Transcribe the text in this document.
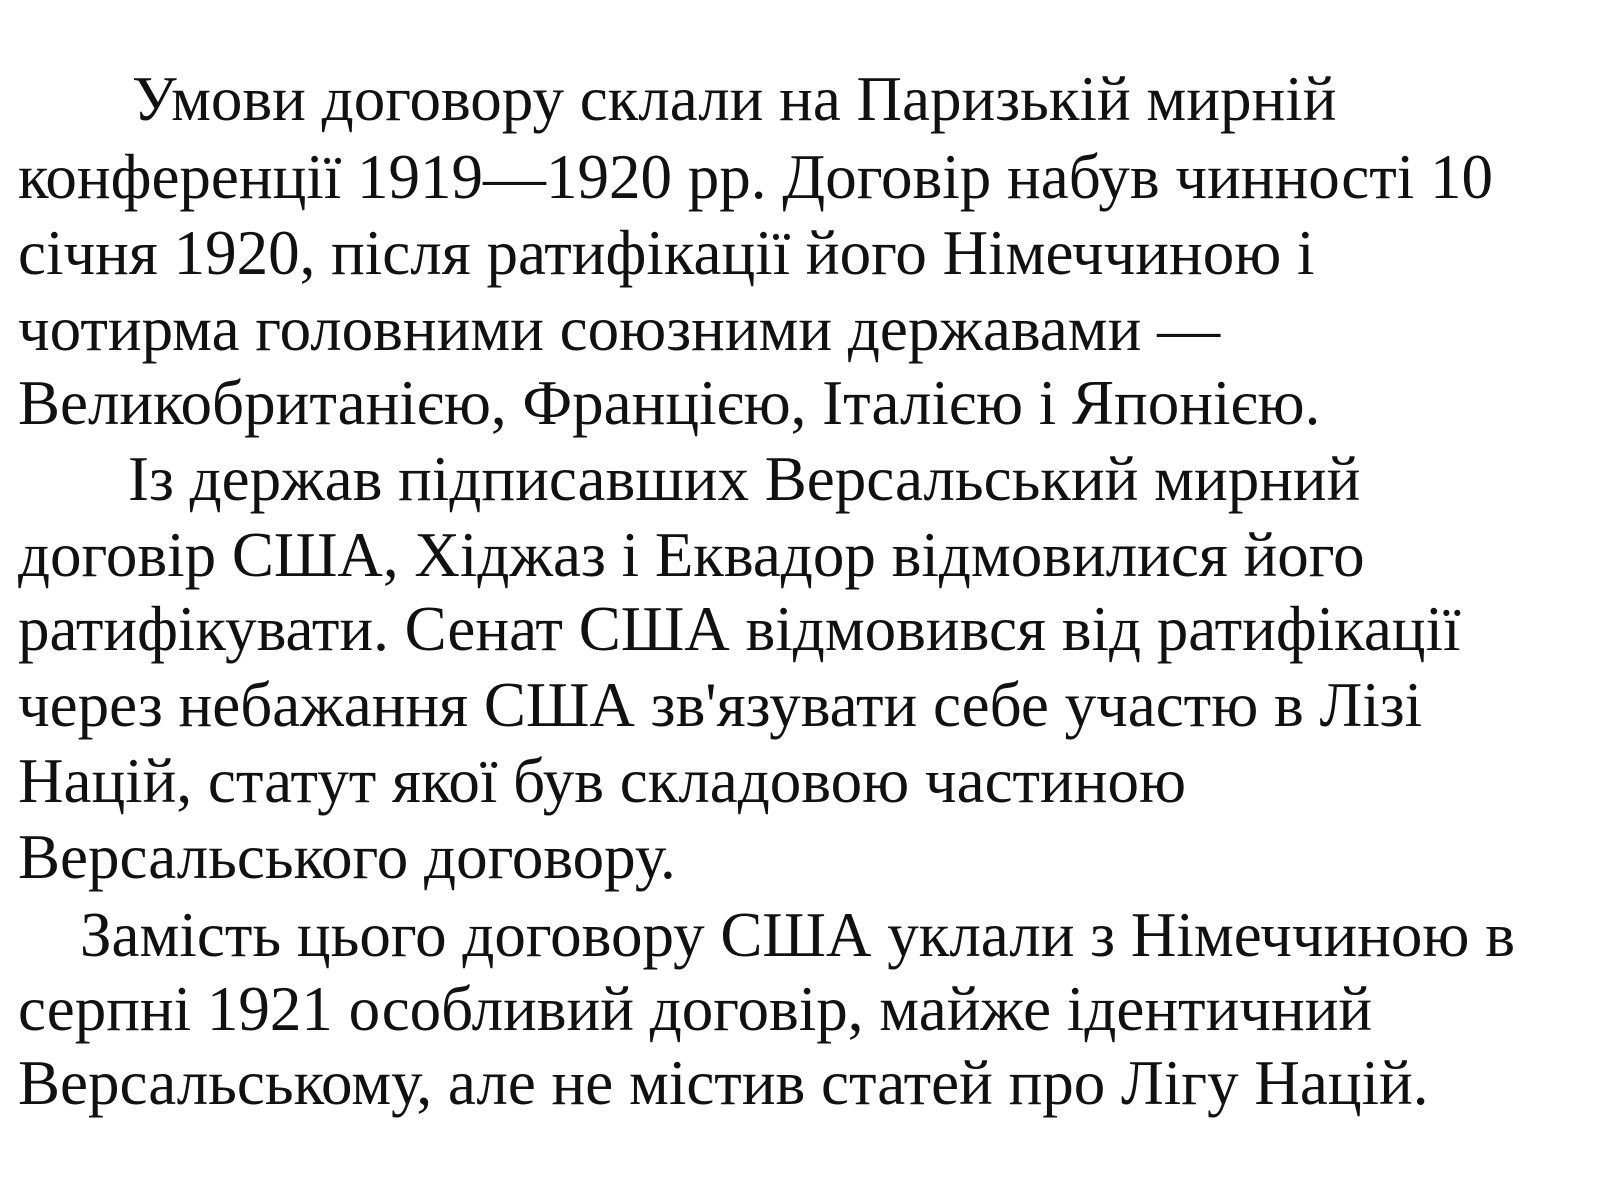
Умови договору склали на Паризькій мирній
конференції 1919—1920 рр. Договір набув чинності 10
січня 1920, після ратифікації його Німеччиною і
чотирма головними союзними державами —
Великобританією, Францією, Італією і Японією.
Із держав підписавших Версальський мирний
договір США, Хіджаз і Еквадор відмовилися його
ратифікувати. Сенат США відмовився від ратифікації
через небажання США зв'язувати себе участю в Лізі
Націй, статут якої був складовою частиною
Версальського договору.
Замість цього договору США уклали з Німеччиною в
серпні 1921 особливий договір, майже ідентичний
Версальському, але не містив статей про Лігу Націй.
